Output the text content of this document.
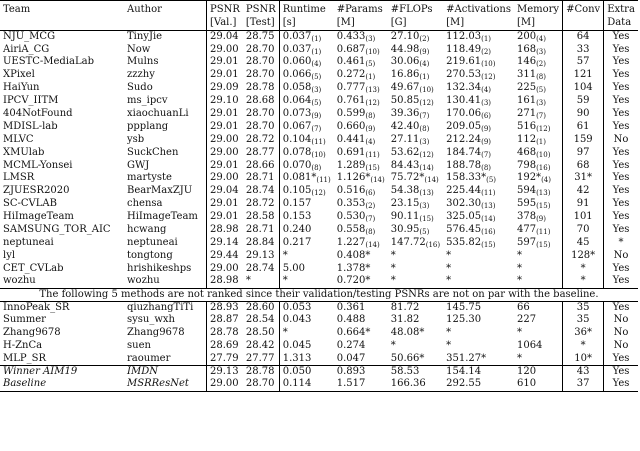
Team	Author	PSNR	PSNR	Runtime	#Params	#FLOPs	#Activations	Memory	#Conv	Extra
		[Val.]	[Test]	[s]	[M]	[G]	[M]	[M]		Data
NJU_MCG	TinyJie	29.04	28.75	$0.037_{(1)}$	$0.433_{(3)}$	$27.10_{(2)}$	$112.03_{(1)}$	$200_{(4)}$	64	Yes
AiriA_CG	Now	29.00	28.70	$0.037_{(1)}$	$0.687_{(10)}$	$44.98_{(9)}$	$118.49_{(2)}$	$168_{(3)}$	33	Yes
UESTC-MediaLab	Mulns	29.01	28.70	$0.060_{(4)}$	$0.461_{(5)}$	$30.06_{(4)}$	$219.61_{(10)}$	$146_{(2)}$	57	Yes
XPixel	zzzhy	29.01	28.70	$0.066_{(5)}$	$0.272_{(1)}$	$16.86_{(1)}$	$270.53_{(12)}$	$311_{(8)}$	121	Yes
HaiYun	Sudo	29.09	28.78	$0.058_{(3)}$	$0.777_{(13)}$	$49.67_{(10)}$	$132.34_{(4)}$	$225_{(5)}$	104	Yes
IPCV_IITM	ms_ipcv	29.10	28.68	$0.064_{(5)}$	$0.761_{(12)}$	$50.85_{(12)}$	$130.41_{(3)}$	$161_{(3)}$	59	Yes
404NotFound	xiaochuanLi	29.01	28.70	$0.073_{(9)}$	$0.599_{(8)}$	$39.36_{(7)}$	$170.06_{(6)}$	$271_{(7)}$	90	Yes
MDISL-lab	ppplang	29.01	28.70	$0.067_{(7)}$	$0.660_{(9)}$	$42.40_{(8)}$	$209.05_{(9)}$	$516_{(12)}$	61	Yes
MLVC	ysb	29.00	28.72	$0.104_{(11)}$	$0.441_{(4)}$	$27.11_{(3)}$	$212.24_{(9)}$	$112_{(1)}$	159	No
XMUlab	SuckChen	29.00	28.77	$0.078_{(10)}$	$0.691_{(11)}$	$53.62_{(12)}$	$184.74_{(7)}$	$468_{(10)}$	97	Yes
MCML-Yonsei	GWJ	29.01	28.66	$0.070_{(8)}$	$1.289_{(15)}$	$84.43_{(14)}$	$188.78_{(8)}$	$798_{(16)}$	68	Yes
LMSR	martyste	29.00	28.71	$0.081*_{(11)}$	$1.126*_{(14)}$	$75.72*_{(14)}$	$158.33*_{(5)}$	$192*_{(4)}$	31*	Yes
ZJUESR2020	BearMaxZJU	29.04	28.74	$0.105_{(12)}$	$0.516_{(6)}$	$54.38_{(13)}$	$225.44_{(11)}$	$594_{(13)}$	42	Yes
SC-CVLAB	chensa	29.01	28.72	0.157	$0.353_{(2)}$	$23.15_{(3)}$	$302.30_{(13)}$	$595_{(15)}$	91	Yes
HiImageTeam	HiImageTeam	29.01	28.58	0.153	$0.530_{(7)}$	$90.11_{(15)}$	$325.05_{(14)}$	$378_{(9)}$	101	Yes
SAMSUNG_TOR_AIC	hcwang	28.98	28.71	0.240	$0.558_{(8)}$	$30.95_{(5)}$	$576.45_{(16)}$	$477_{(11)}$	70	Yes
neptuneai	neptuneai	29.14	28.84	0.217	$1.227_{(14)}$	$147.72_{(16)}$	$535.82_{(15)}$	$597_{(15)}$	45	*
lyl	tongtong	29.44	29.13	*	0.408*	*	*	*	128*	No
CET_CVLab	hrishikeshps	29.00	28.74	5.00	1.378*	*	*	*	*	Yes
wozhu	wozhu	28.98	*	*	0.720*	*	*	*	*	Yes
The following 5 methods are not ranked since their validation/testing PSNRs are not on par with the baseline.										
InnoPeak_SR	qiuzhangTiTi	28.93	28.60	0.053	0.361	81.72	145.75	66	35	Yes
Summer	sysu_wxh	28.87	28.54	0.043	0.488	31.82	125.30	227	35	No
Zhang9678	Zhang9678	28.78	28.50	*	0.664*	48.08*	*	*	36*	No
H-ZnCa	suen	28.69	28.42	0.045	0.274	*	*	1064	*	No
MLP_SR	raoumer	27.79	27.77	1.313	0.047	50.66*	351.27*	*	10*	Yes
Winner AIM19	IMDN	29.13	28.78	0.050	0.893	58.53	154.14	120	43	Yes
Baseline	MSRResNet	29.00	28.70	0.114	1.517	166.36	292.55	610	37	Yes
